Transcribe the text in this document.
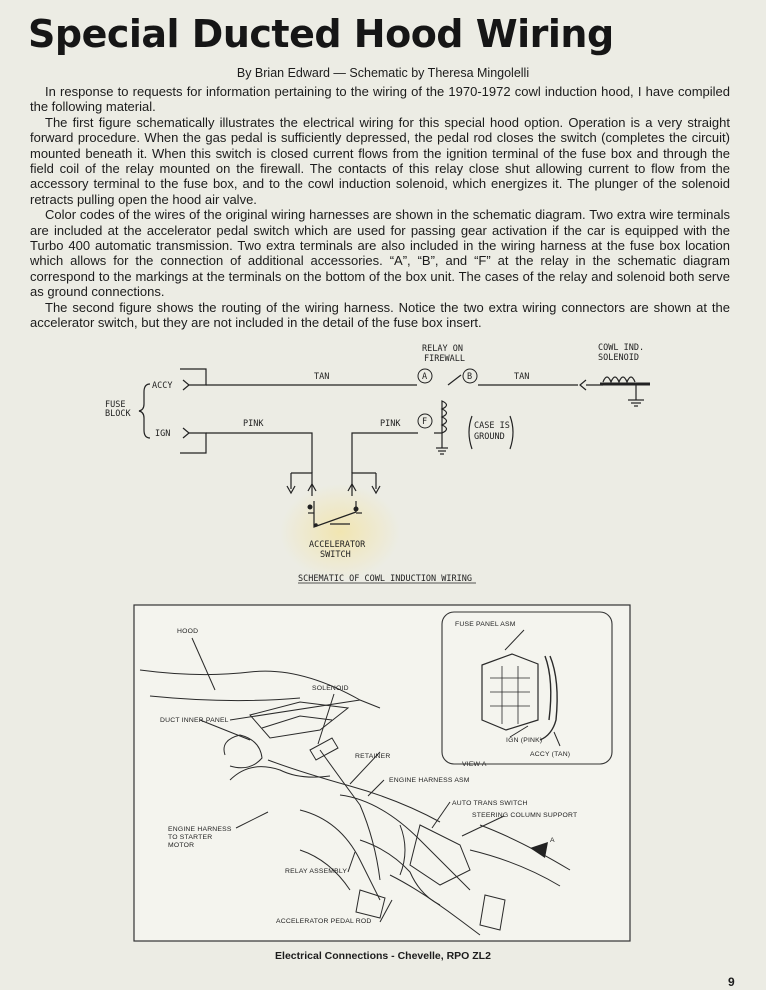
Special Ducted Hood Wiring
By Brian Edward — Schematic by Theresa Mingolelli

In response to requests for information pertaining to the wiring of the 1970-1972 cowl induction hood, I have compiled the following material.

The first figure schematically illustrates the electrical wiring for this special hood option. Operation is a very straight forward procedure. When the gas pedal is sufficiently depressed, the pedal rod closes the switch (completes the circuit) mounted beneath it. When this switch is closed current flows from the ignition terminal of the fuse box and through the field coil of the relay mounted on the firewall. The contacts of this relay close shut allowing current to flow from the accessory terminal to the fuse box, and to the cowl induction solenoid, which energizes it. The plunger of the solenoid retracts pulling open the hood air valve.

Color codes of the wires of the original wiring harnesses are shown in the schematic diagram. Two extra wire terminals are included at the accelerator pedal switch which are used for passing gear activation if the car is equipped with the Turbo 400 automatic transmission. Two extra terminals are also included in the wiring harness at the fuse box location which allows for the connection of additional accessories. “A”, “B”, and “F” at the relay in the schematic diagram correspond to the markings at the terminals on the bottom of the box unit. The cases of the relay and solenoid both serve as ground connections.

The second figure shows the routing of the wiring harness. Notice the two extra wiring connectors are shown at the accelerator switch, but they are not included in the detail of the fuse box insert.

FUSE
BLOCK
ACCY
IGN
TAN	TAN
PINK	PINK
RELAY ON
FIREWALL
A	B
F	CASE IS
GROUND
COWL IND.
SOLENOID
ACCELERATOR
SWITCH
SCHEMATIC OF COWL INDUCTION WIRING
HOOD
SOLENOID
DUCT INNER PANEL
RETAINER
ENGINE HARNESS ASM
AUTO TRANS SWITCH
STEERING COLUMN SUPPORT
ENGINE HARNESS
TO STARTER
MOTOR
RELAY ASSEMBLY
ACCELERATOR PEDAL ROD
FUSE PANEL ASM
IGN (PINK)
ACCY (TAN)
VIEW A
A
Electrical Connections - Chevelle, RPO ZL2
9
